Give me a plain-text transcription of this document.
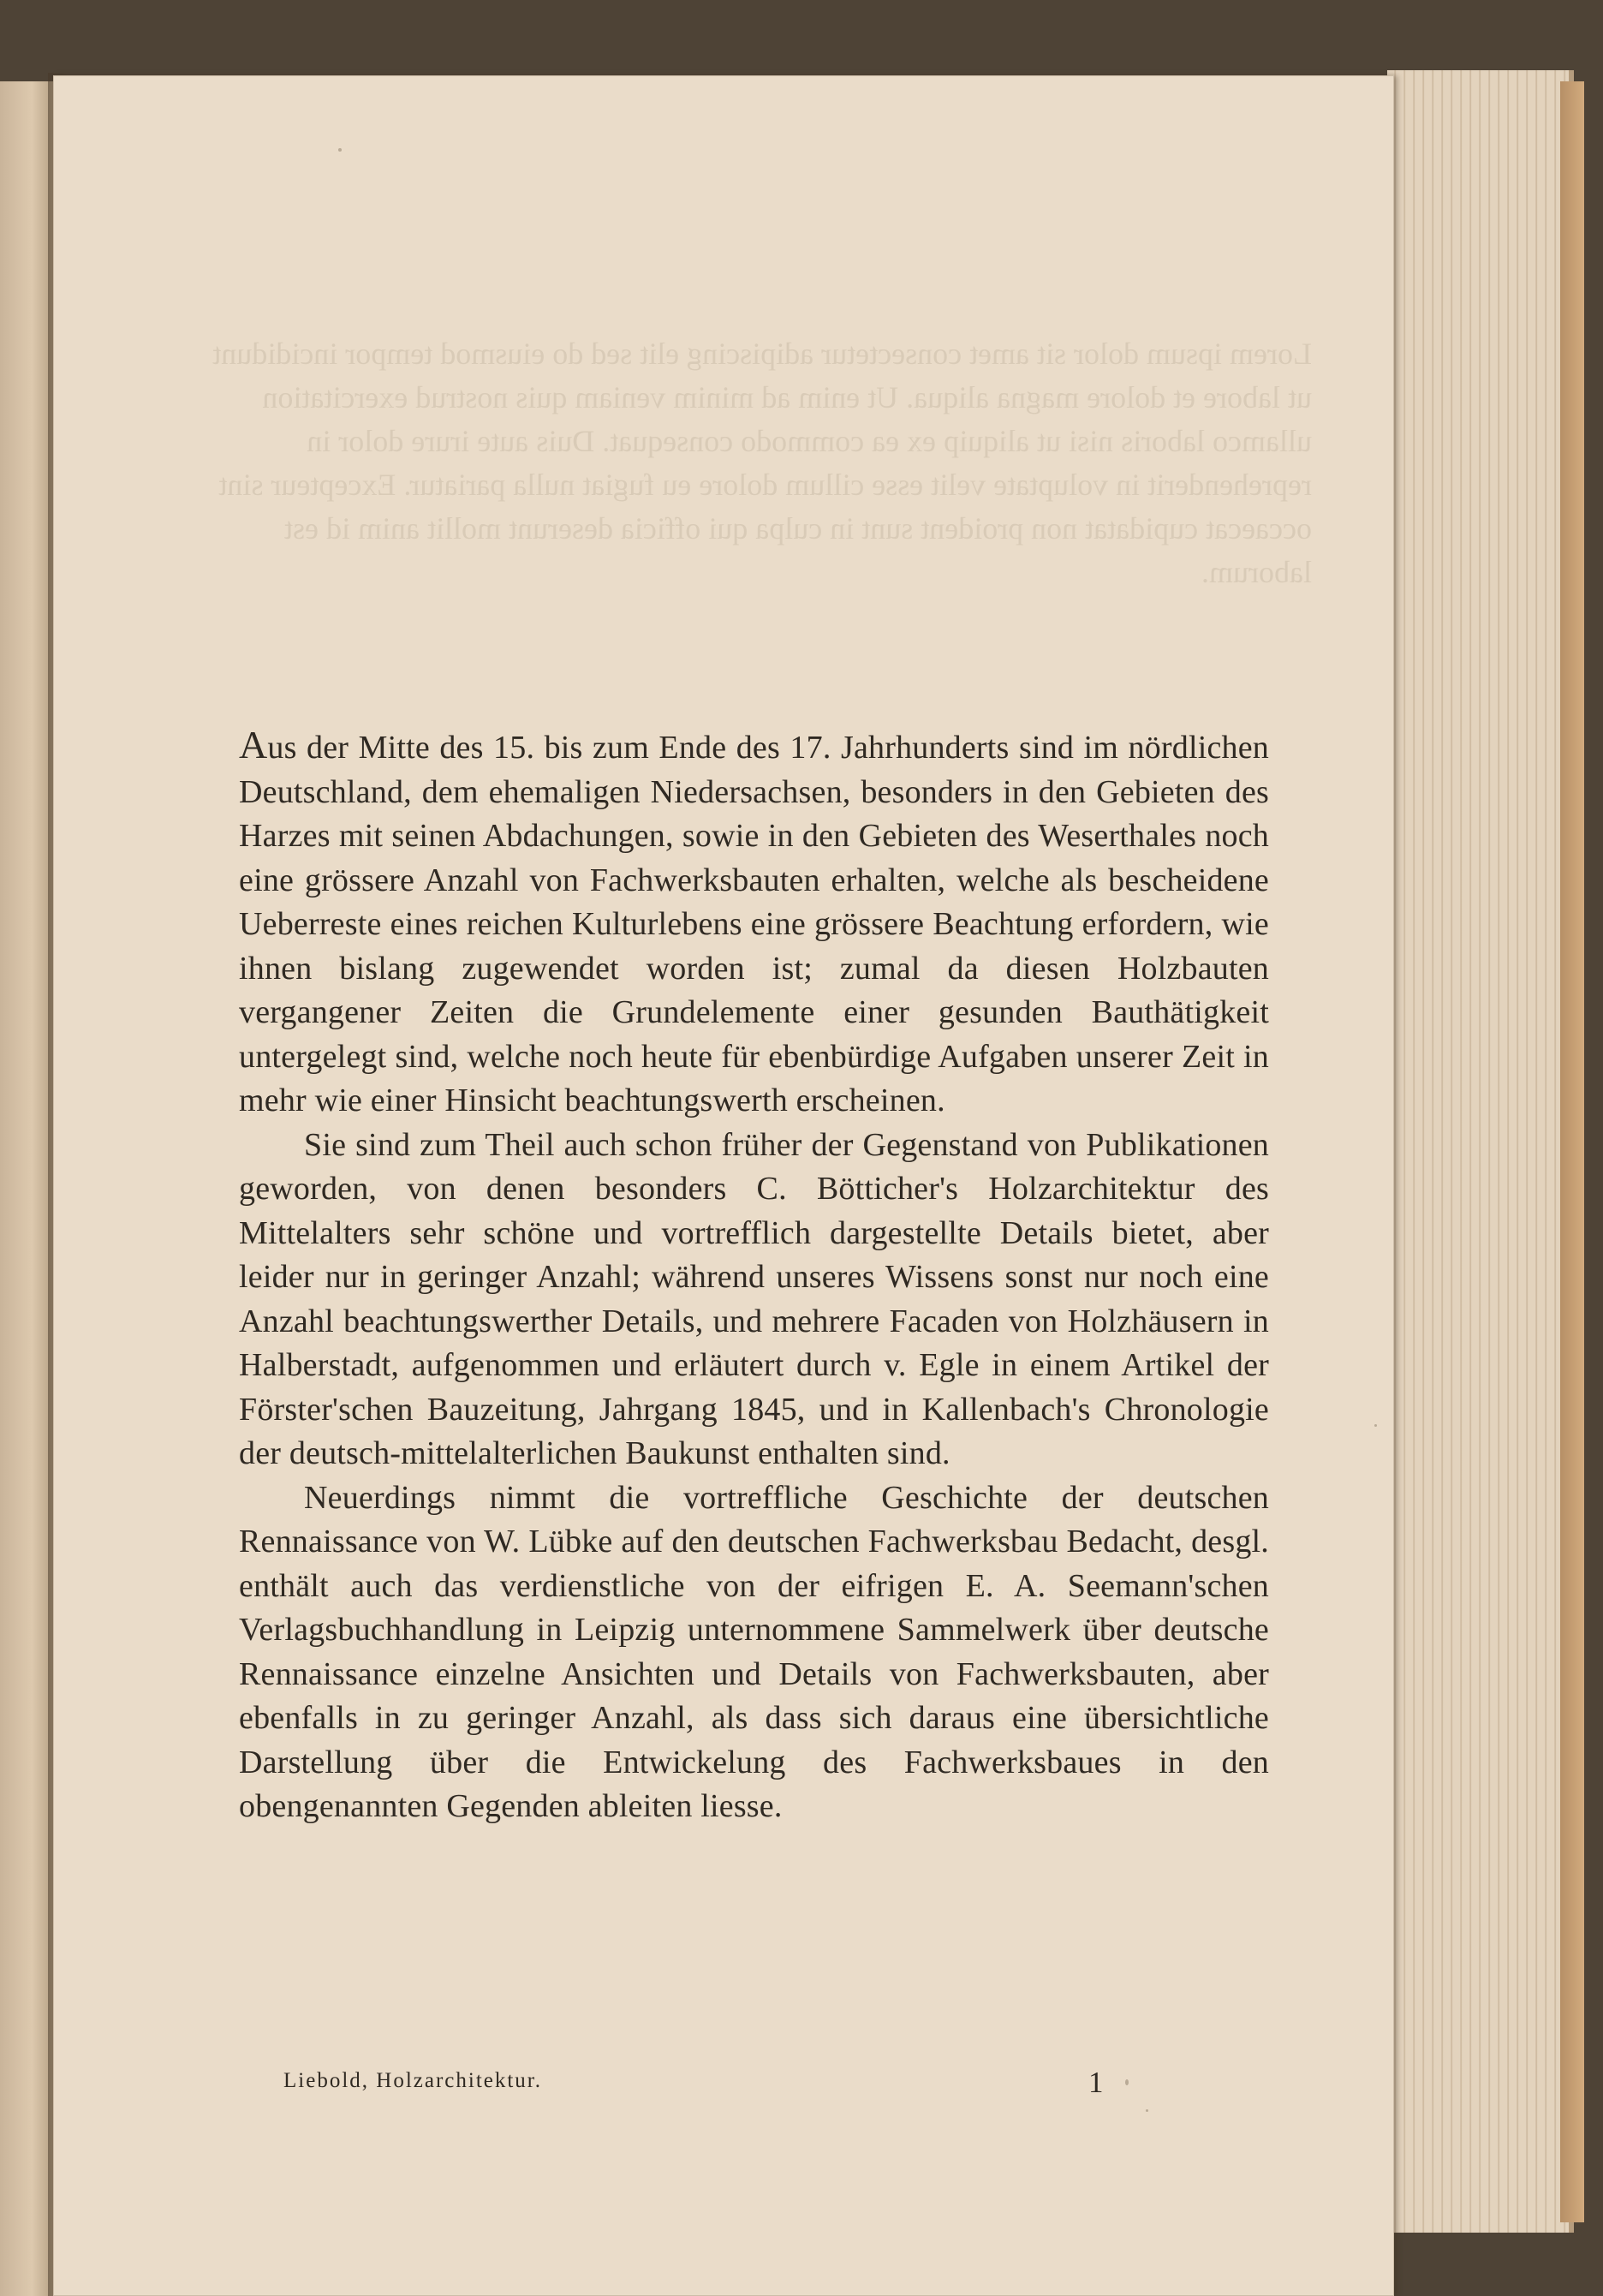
Lorem ipsum dolor sit amet consectetur adipiscing elit sed do eiusmod tempor incididunt ut labore et dolore magna aliqua. Ut enim ad minim veniam quis nostrud exercitation ullamco laboris nisi ut aliquip ex ea commodo consequat. Duis aute irure dolor in reprehenderit in voluptate velit esse cillum dolore eu fugiat nulla pariatur. Excepteur sint occaecat cupidatat non proident sunt in culpa qui officia deserunt mollit anim id est laborum.

Aus der Mitte des 15. bis zum Ende des 17. Jahrhunderts sind im nördlichen Deutschland, dem ehemaligen Niedersachsen, besonders in den Gebieten des Harzes mit seinen Abdachungen, sowie in den Gebieten des Weserthales noch eine grössere Anzahl von Fachwerksbauten erhalten, welche als bescheidene Ueberreste eines reichen Kulturlebens eine grössere Beachtung erfordern, wie ihnen bislang zugewendet worden ist; zumal da diesen Holzbauten vergangener Zeiten die Grundelemente einer gesunden Bauthätigkeit untergelegt sind, welche noch heute für ebenbürdige Aufgaben unserer Zeit in mehr wie einer Hinsicht beachtungswerth erscheinen.

Sie sind zum Theil auch schon früher der Gegenstand von Publikationen geworden, von denen besonders C. Bötticher's Holzarchitektur des Mittelalters sehr schöne und vortrefflich dargestellte Details bietet, aber leider nur in geringer Anzahl; während unseres Wissens sonst nur noch eine Anzahl beachtungswerther Details, und mehrere Facaden von Holzhäusern in Halberstadt, aufgenommen und erläutert durch v. Egle in einem Artikel der Förster'schen Bauzeitung, Jahrgang 1845, und in Kallenbach's Chronologie der deutsch-mittelalterlichen Baukunst enthalten sind.

Neuerdings nimmt die vortreffliche Geschichte der deutschen Rennaissance von W. Lübke auf den deutschen Fachwerksbau Bedacht, desgl. enthält auch das verdienstliche von der eifrigen E. A. Seemann'schen Verlagsbuchhandlung in Leipzig unternommene Sammelwerk über deutsche Rennaissance einzelne Ansichten und Details von Fachwerksbauten, aber ebenfalls in zu geringer Anzahl, als dass sich daraus eine übersichtliche Darstellung über die Entwickelung des Fachwerksbaues in den obengenannten Gegenden ableiten liesse.

Liebold, Holzarchitektur.	1
